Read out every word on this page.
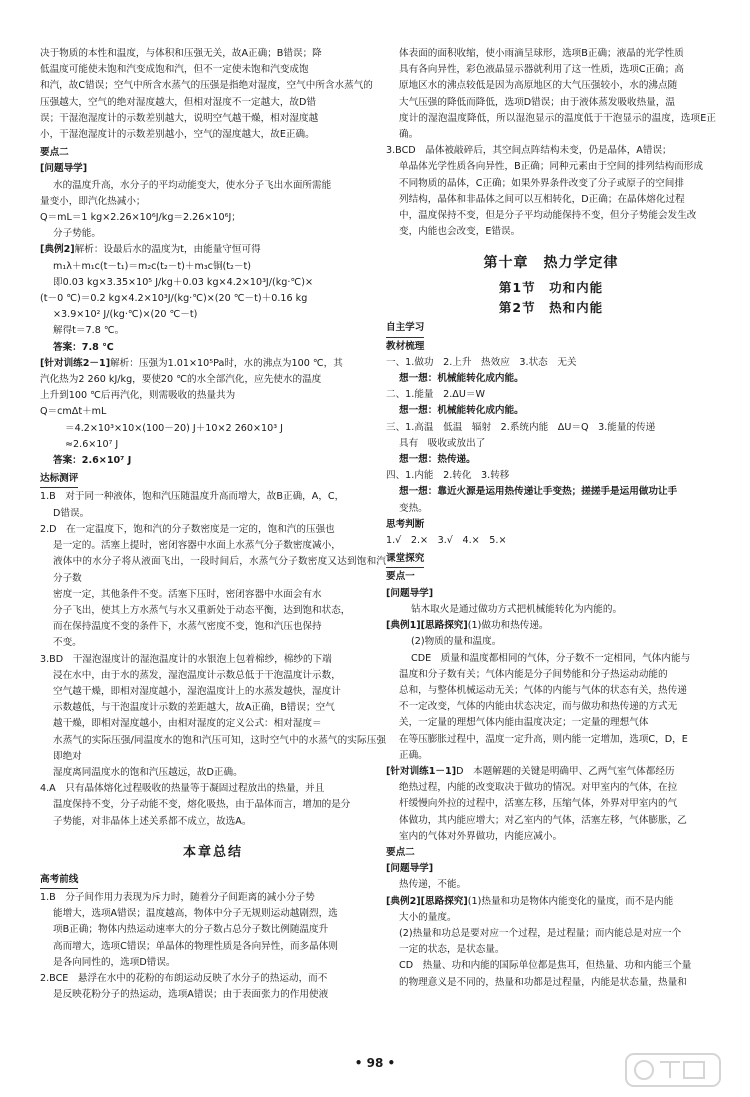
决于物质的本性和温度，与体积和压强无关，故A正确；B错误；降

低温度可能使未饱和汽变成饱和汽，但不一定使未饱和汽变成饱

和汽，故C错误；空气中所含水蒸气的压强是指绝对湿度，空气中所含水蒸气的

压强越大，空气的绝对湿度越大，但相对湿度不一定越大，故D错

误；干湿泡湿度计的示数差别越大，说明空气越干燥，相对湿度越

小，干湿泡湿度计的示数差别越小，空气的湿度越大，故E正确。

要点二

[问题导学]

水的温度升高，水分子的平均动能变大，使水分子飞出水面所需能

量变小，即汽化热减小；

Q＝mL＝1 kg×2.26×10⁶J/kg＝2.26×10⁶J；

分子势能。

[典例2]解析：设最后水的温度为t，由能量守恒可得

m₁λ＋m₁c(t－t₁)＝m₂c(t₂－t)＋m₃c铜(t₂－t)

即0.03 kg×3.35×10⁵ J/kg＋0.03 kg×4.2×10³J/(kg·℃)×

(t－0 ℃)＝0.2 kg×4.2×10³J/(kg·℃)×(20 ℃－t)＋0.16 kg

×3.9×10² J/(kg·℃)×(20 ℃－t)

解得t＝7.8 ℃。

答案：7.8 ℃

[针对训练2－1]解析：压强为1.01×10⁵Pa时，水的沸点为100 ℃，其

汽化热为2 260 kJ/kg，要使20 ℃的水全部汽化，应先使水的温度

上升到100 ℃后再汽化，则需吸收的热量共为

Q＝cmΔt＋mL

＝4.2×10³×10×(100－20) J＋10×2 260×10³ J

≈2.6×10⁷ J

答案：2.6×10⁷ J

达标测评

1.B　对于同一种液体，饱和汽压随温度升高而增大，故B正确，A，C，

D错误。

2.D　在一定温度下，饱和汽的分子数密度是一定的，饱和汽的压强也

是一定的。活塞上提时，密闭容器中水面上水蒸气分子数密度减小，

液体中的水分子将从液面飞出，一段时间后，水蒸气分子数密度又达到饱和汽分子数

密度一定，其他条件不变。活塞下压时，密闭容器中水面会有水

分子飞出，使其上方水蒸气与水又重新处于动态平衡，达到饱和状态，

而在保持温度不变的条件下，水蒸气密度不变，饱和汽压也保持

不变。

3.BD　干湿泡湿度计的湿泡温度计的水银泡上包着棉纱，棉纱的下端

浸在水中，由于水的蒸发，湿泡温度计示数总低于干泡温度计示数，

空气越干燥，即相对湿度越小，湿泡温度计上的水蒸发越快，湿度计

示数越低，与干泡温度计示数的差距越大，故A正确，B错误；空气

越干燥，即相对湿度越小，由相对湿度的定义公式：相对湿度＝

水蒸气的实际压强/同温度水的饱和汽压可知，这时空气中的水蒸气的实际压强即绝对

湿度离同温度水的饱和汽压越远，故D正确。

4.A　只有晶体熔化过程吸收的热量等于凝固过程放出的热量，并且

温度保持不变，分子动能不变，熔化吸热，由于晶体而言，增加的是分

子势能，对非晶体上述关系都不成立，故选A。

本章总结

高考前线

1.B　分子间作用力表现为斥力时，随着分子间距离的减小分子势

能增大，选项A错误；温度越高，物体中分子无规则运动越剧烈，选

项B正确；物体内热运动速率大的分子数占总分子数比例随温度升

高而增大，选项C错误；单晶体的物理性质是各向异性，而多晶体则

是各向同性的，选项D错误。

2.BCE　悬浮在水中的花粉的布朗运动反映了水分子的热运动，而不

是反映花粉分子的热运动，选项A错误；由于表面张力的作用使液

体表面的面积收缩，使小雨滴呈球形，选项B正确；液晶的光学性质

具有各向异性，彩色液晶显示器就利用了这一性质，选项C正确；高

原地区水的沸点较低是因为高原地区的大气压强较小，水的沸点随

大气压强的降低而降低，选项D错误；由于液体蒸发吸收热量，温

度计的湿泡温度降低，所以湿泡显示的温度低于干泡显示的温度，选项E正确。

3.BCD　晶体被敲碎后，其空间点阵结构未变，仍是晶体，A错误；

单晶体光学性质各向异性，B正确；同种元素由于空间的排列结构而形成

不同物质的晶体，C正确；如果外界条件改变了分子或原子的空间排

列结构，晶体和非晶体之间可以互相转化，D正确；在晶体熔化过程

中，温度保持不变，但是分子平均动能保持不变，但分子势能会发生改

变，内能也会改变，E错误。

第十章　热力学定律

第1节　功和内能

第2节　热和内能

自主学习

教材梳理

一、1.做功　2.上升　热效应　3.状态　无关

想一想：机械能转化成内能。

二、1.能量　2.ΔU＝W

想一想：机械能转化成内能。

三、1.高温　低温　辐射　2.系统内能　ΔU＝Q　3.能量的传递

具有　吸收或放出了

想一想：热传递。

四、1.内能　2.转化　3.转移

想一想：靠近火源是运用热传递让手变热；搓搓手是运用做功让手

变热。

思考判断

1.√　2.×　3.√　4.×　5.×

课堂探究

要点一

[问题导学]

钻木取火是通过做功方式把机械能转化为内能的。

[典例1][思路探究](1)做功和热传递。

(2)物质的量和温度。

CDE　质量和温度都相同的气体，分子数不一定相同，气体内能与

温度和分子数有关；气体内能是分子间势能和分子热运动动能的

总和，与整体机械运动无关；气体的内能与气体的状态有关，热传递

不一定改变，气体的内能由状态决定，而与做功和热传递的方式无

关，一定量的理想气体内能由温度决定；一定量的理想气体

在等压膨胀过程中，温度一定升高，则内能一定增加，选项C，D，E

正确。

[针对训练1－1]D　本题解题的关键是明确甲、乙两气室气体都经历

绝热过程，内能的改变取决于做功的情况。对甲室内的气体，在拉

杆缓慢向外拉的过程中，活塞左移，压缩气体，外界对甲室内的气

体做功，其内能应增大；对乙室内的气体，活塞左移，气体膨胀，乙

室内的气体对外界做功，内能应减小。

要点二

[问题导学]

热传递，不能。

[典例2][思路探究](1)热量和功是物体内能变化的量度，而不是内能

大小的量度。

(2)热量和功总是要对应一个过程，是过程量；而内能总是对应一个

一定的状态，是状态量。

CD　热量、功和内能的国际单位都是焦耳，但热量、功和内能三个量

的物理意义是不同的，热量和功都是过程量，内能是状态量，热量和

• 98 •
